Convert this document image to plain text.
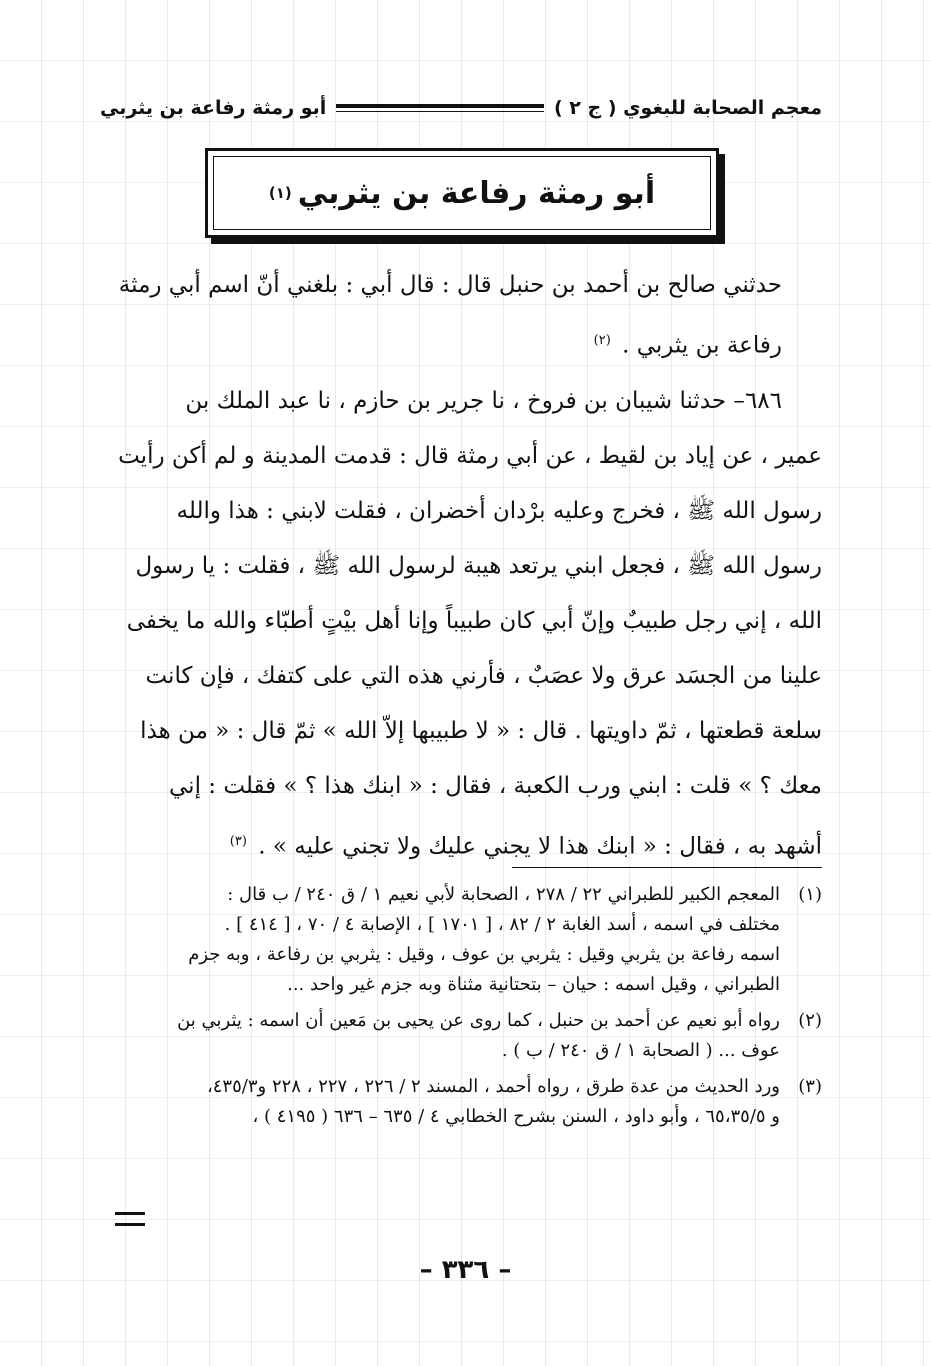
معجم الصحابة للبغوي ( ج ٢ )
أبو رمثة رفاعة بن يثربي
أبو رمثة رفاعة بن يثربي
(١)

حدثني صالح بن أحمد بن حنبل قال : قال أبي : بلغني أنّ اسم أبي رمثة
رفاعة بن يثربي . $^{(٢)}$

٦٨٦– حدثنا شيبان بن فروخ ، نا جرير بن حازم ، نا عبد الملك بن
عمير ، عن إياد بن لقيط ، عن أبي رمثة قال : قدمت المدينة و لم أكن رأيت
رسول الله ﷺ ، فخرج وعليه برْدان أخضران ، فقلت لابني : هذا والله
رسول الله ﷺ ، فجعل ابني يرتعد هيبة لرسول الله ﷺ ، فقلت : يا رسول
الله ، إني رجل طبيبٌ وإنّ أبي كان طبيباً وإنا أهل بيْتٍ أطبّاء والله ما يخفى
علينا من الجسَد عرق ولا عصَبٌ ، فأرني هذه التي على كتفك ، فإن كانت
سلعة قطعتها ، ثمّ داويتها . قال : « لا طبيبها إلاّ الله » ثمّ قال : « من هذا
معك ؟ » قلت : ابني ورب الكعبة ، فقال : « ابنك هذا ؟ » فقلت : إني
أشهد به ، فقال : « ابنك هذا لا يجني عليك ولا تجني عليه » . $^{(٣)}$

(١)
المعجم الكبير للطبراني ٢٢ / ٢٧٨ ، الصحابة لأبي نعيم ١ / ق ٢٤٠ / ب قال :
مختلف في اسمه ، أسد الغابة ٢ / ٨٢ ، [ ١٧٠١ ] ، الإصابة ٤ / ٧٠ ، [ ٤١٤ ] .
اسمه رفاعة بن يثربي وقيل : يثربي بن عوف ، وقيل : يثربي بن رفاعة ، وبه جزم
الطبراني ، وقيل اسمه : حيان – بتحتانية مثناة وبه جزم غير واحد ...
(٢)
رواه أبو نعيم عن أحمد بن حنبل ، كما روى عن يحيى بن مَعين أن اسمه : يثربي بن
عوف ... ( الصحابة ١ / ق ٢٤٠ / ب ) .
(٣)
ورد الحديث من عدة طرق ، رواه أحمد ، المسند ٢ / ٢٢٦ ، ٢٢٧ ، ٢٢٨ و٤٣٥/٣،
و ٦٥،٣٥/٥ ، وأبو داود ، السنن بشرح الخطابي ٤ / ٦٣٥ – ٦٣٦ ( ٤١٩٥ ) ،
– ٣٣٦ –
